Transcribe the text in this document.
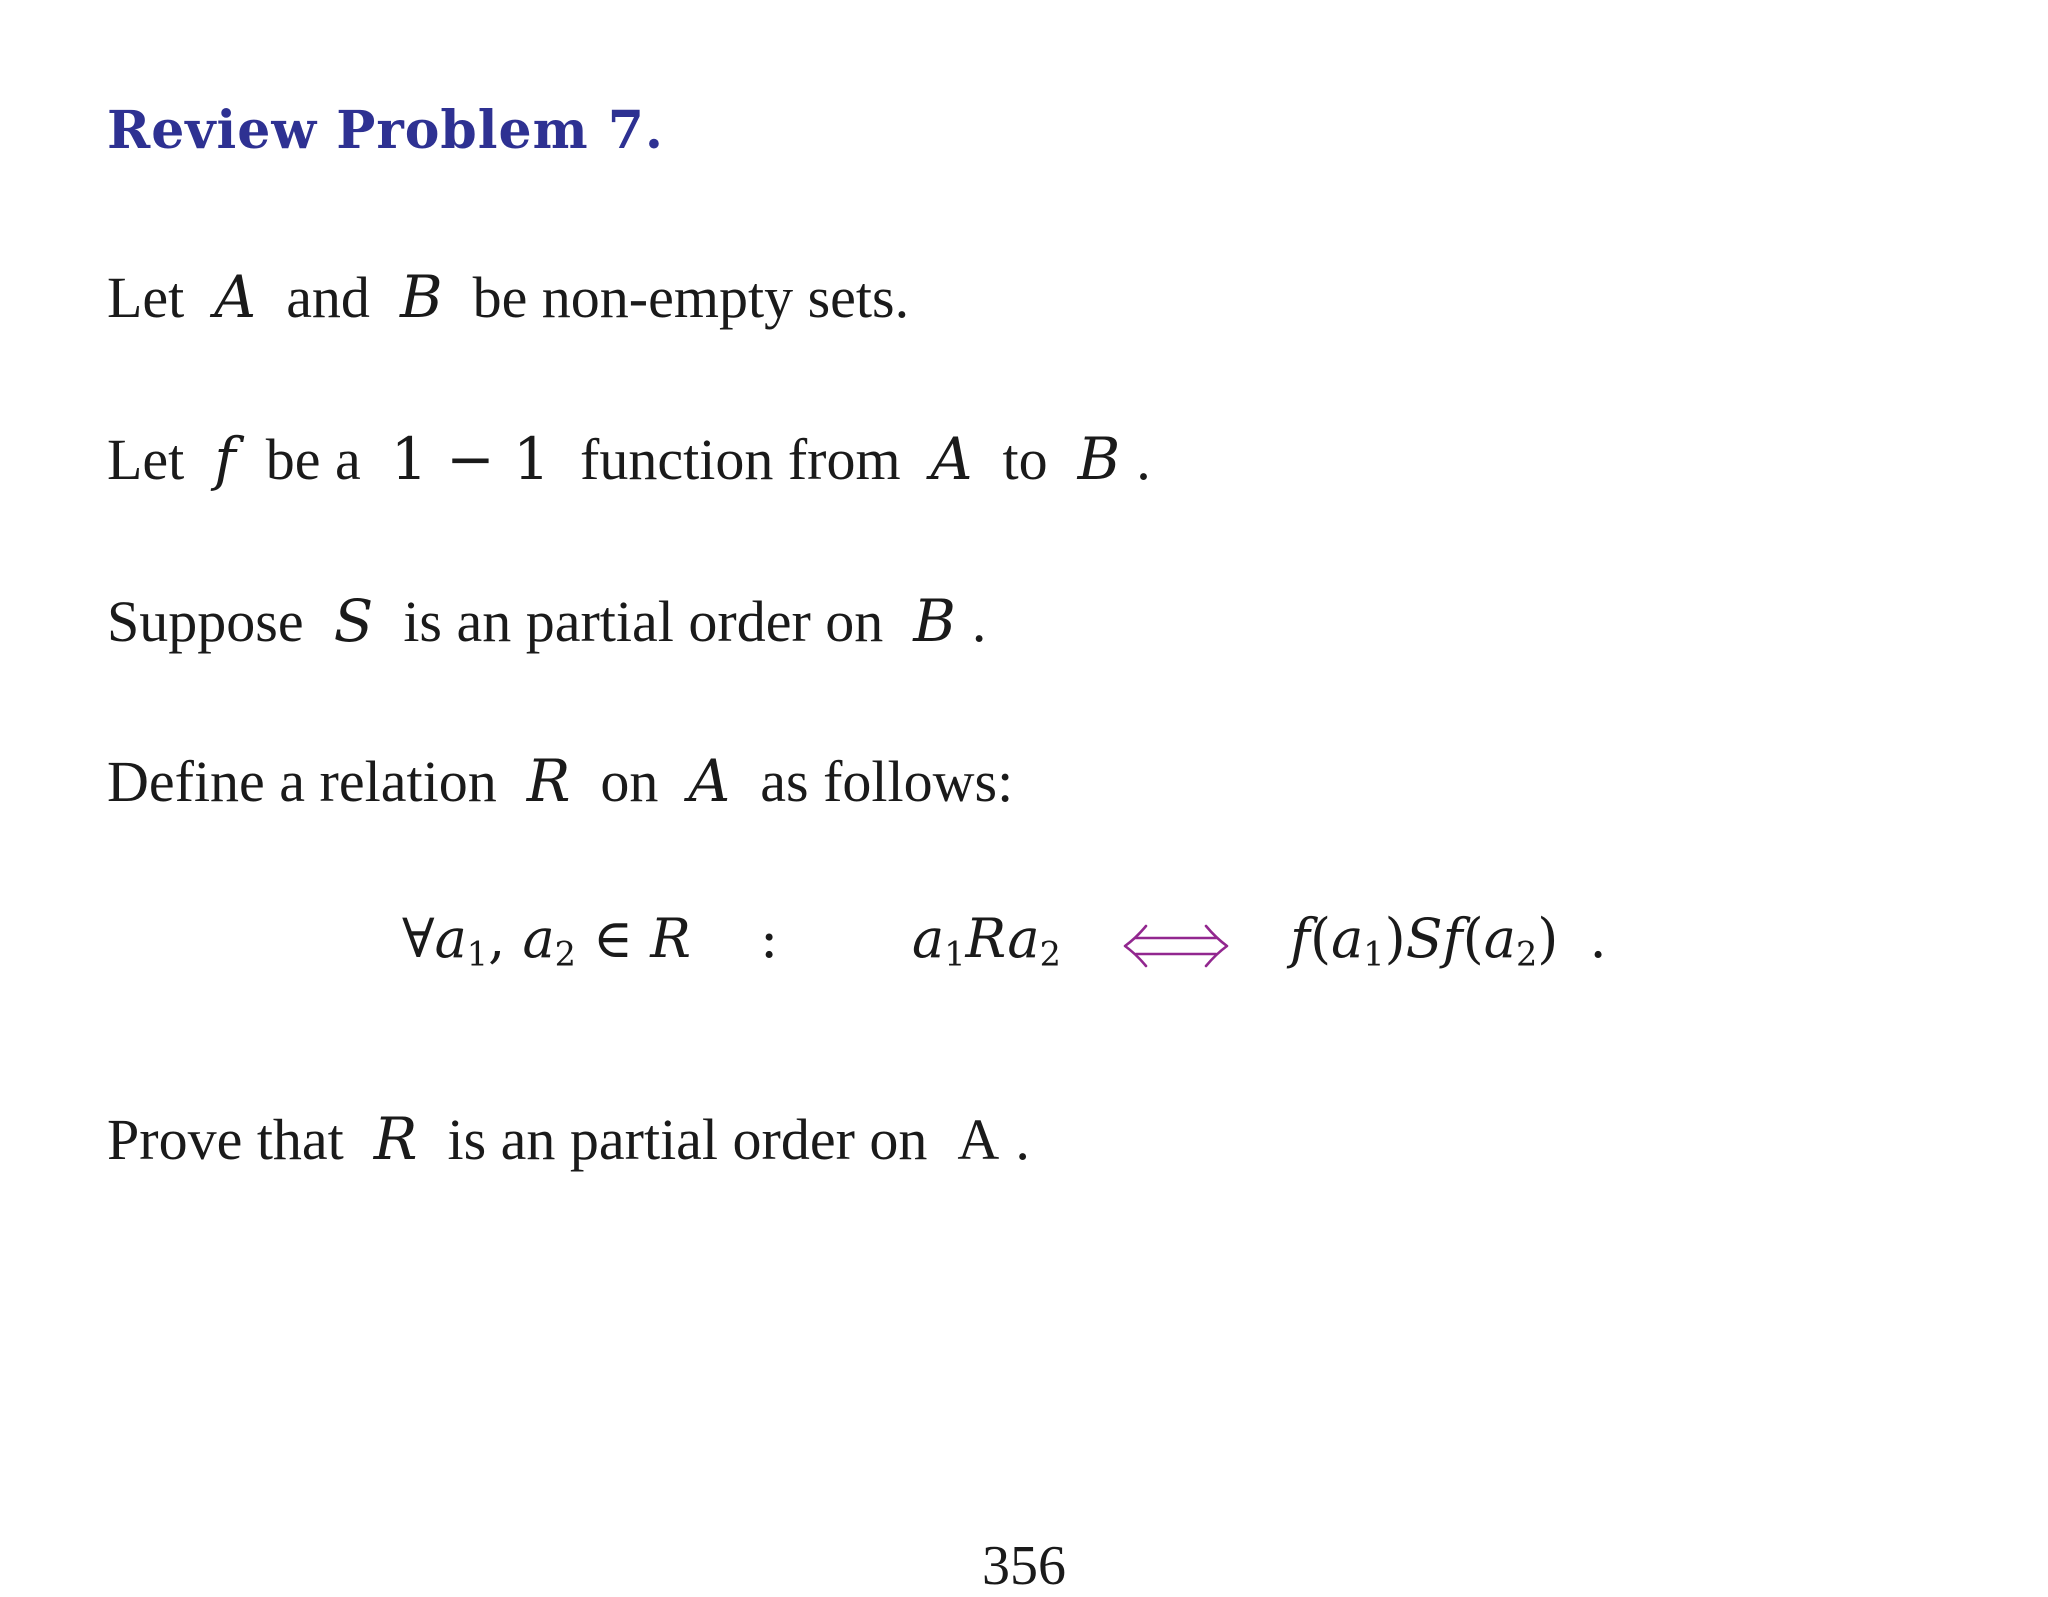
Review Problem 7.
Let A and B be non-empty sets.
Let f be a 1 − 1 function from A to B .
Suppose S is an partial order on B .
Define a relation R on A as follows:
$\forall a_1$, $a_2$ ∈ R : $a_1Ra_2$	$f(a_1)Sf(a_2)$ .
Prove that R is an partial order on A .
356
